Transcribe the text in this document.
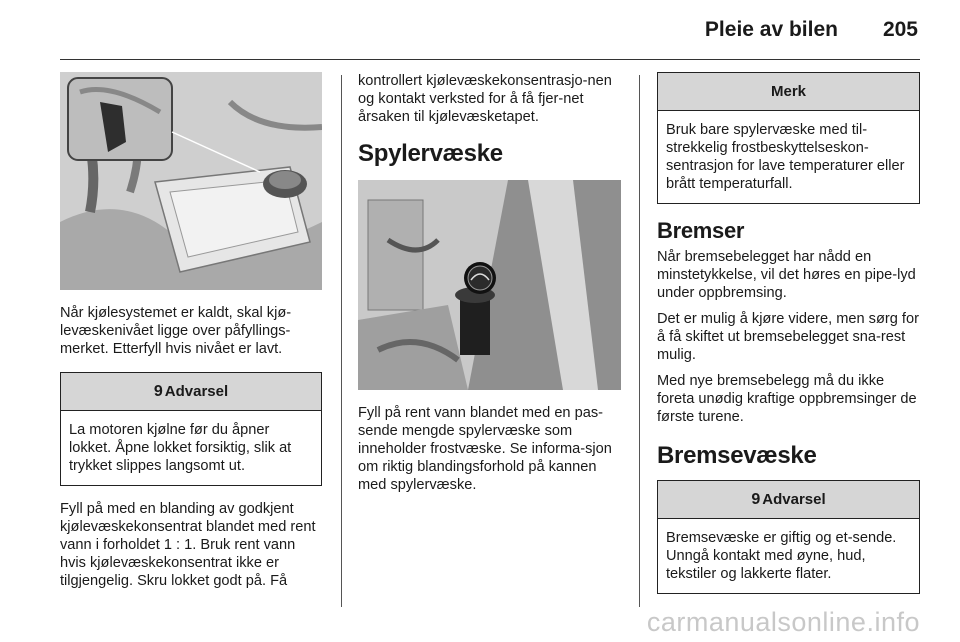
Pleie av bilen 205

Når kjølesystemet er kaldt, skal kjø-levæskenivået ligge over påfyllings-merket. Etterfyll hvis nivået er lavt.

9 Advarsel
La motoren kjølne før du åpner lokket. Åpne lokket forsiktig, slik at trykket slippes langsomt ut.

Fyll på med en blanding av godkjent kjølevæskekonsentrat blandet med rent vann i forholdet 1 : 1. Bruk rent vann hvis kjølevæskekonsentrat ikke er tilgjengelig. Skru lokket godt på. Få

kontrollert kjølevæskekonsentrasjo-nen og kontakt verksted for å få fjer-net årsaken til kjølevæsketapet.

Spylervæske

Fyll på rent vann blandet med en pas-sende mengde spylervæske som inneholder frostvæske. Se informa-sjon om riktig blandingsforhold på kannen med spylervæske.

Merk
Bruk bare spylervæske med til-strekkelig frostbeskyttelseskon-sentrasjon for lave temperaturer eller brått temperaturfall.
Bremser

Når bremsebelegget har nådd en minstetykkelse, vil det høres en pipe-lyd under oppbremsing.

Det er mulig å kjøre videre, men sørg for å få skiftet ut bremsebelegget sna-rest mulig.

Med nye bremsebelegg må du ikke foreta unødig kraftige oppbremsinger de første turene.

Bremsevæske
9 Advarsel
Bremsevæske er giftig og et-sende. Unngå kontakt med øyne, hud, tekstiler og lakkerte flater.
carmanualsonline.info
